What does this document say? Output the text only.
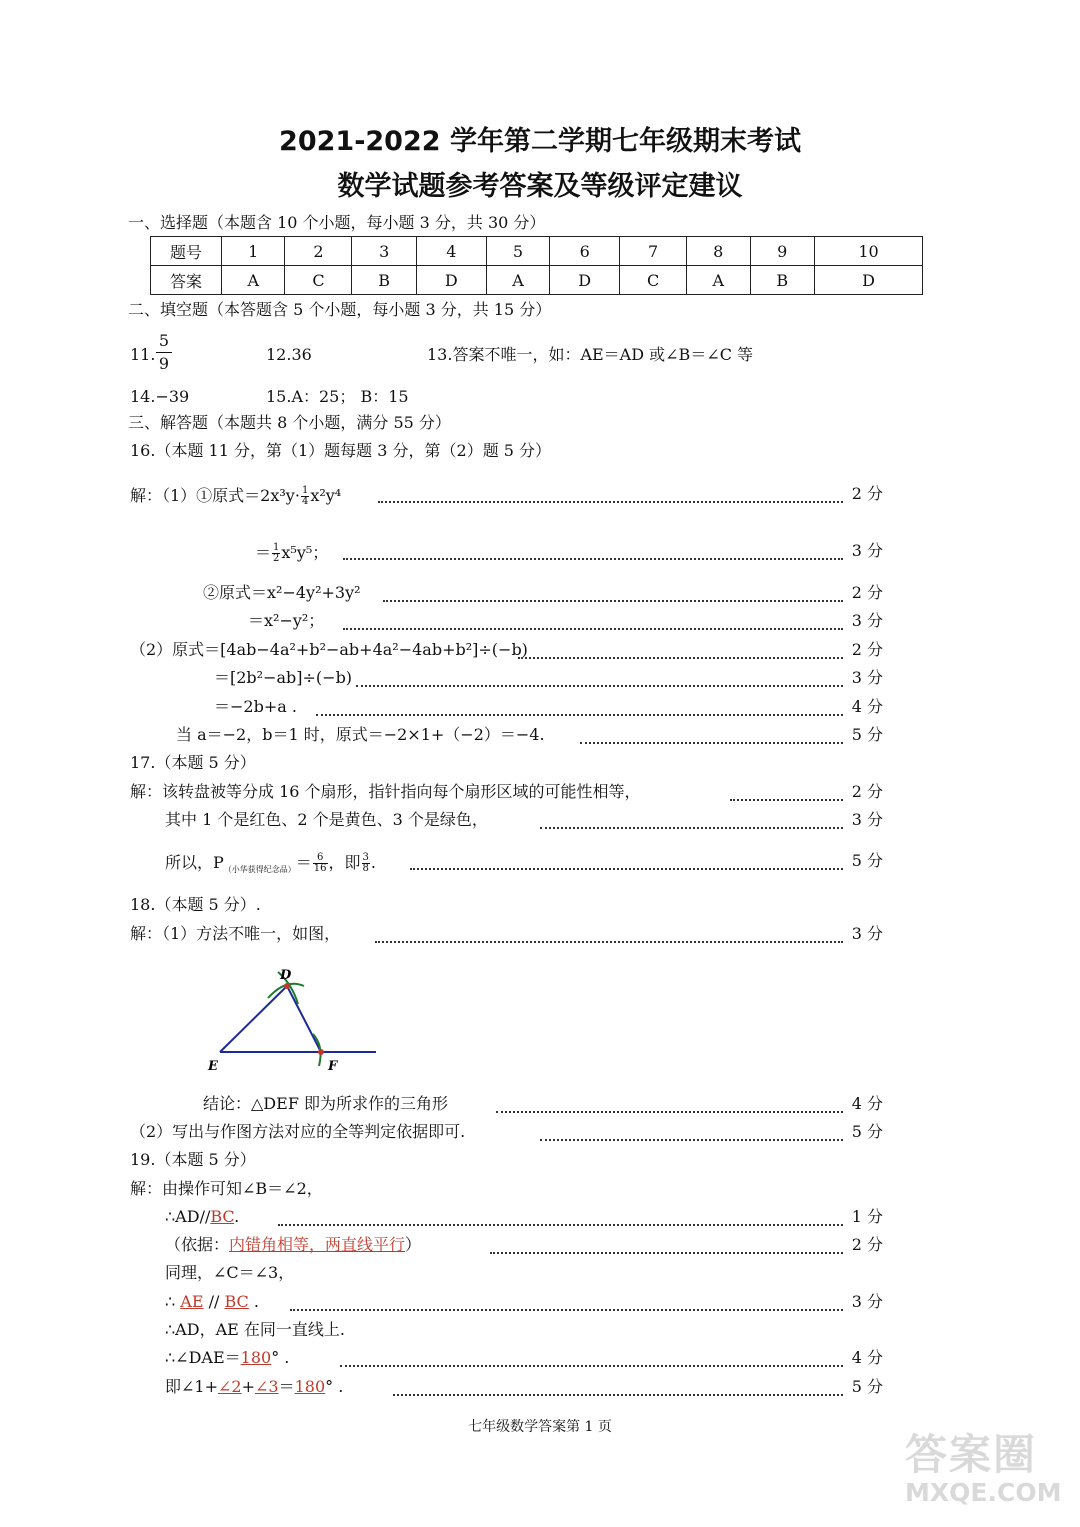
2021-2022 学年第二学期七年级期末考试
数学试题参考答案及等级评定建议
一、选择题（本题含 10 个小题，每小题 3 分，共 30 分）
题号	1	2	3	4	5	6	7	8	9	10
答案	A	C	B	D	A	D	C	A	B	D
二、填空题（本答题含 5 个小题，每小题 3 分，共 15 分）
11. $\frac{5}{9}$	12.36	13.答案不唯一，如：AE＝AD 或∠B＝∠C 等
14.−39	15.A：25； B：15
三、解答题（本题共 8 个小题，满分 55 分）
16.（本题 11 分，第（1）题每题 3 分，第（2）题 5 分）
解：（1）①原式$=2x^3y\cdot \frac{1}{4} x^2y^4$	2 分
＝ $\frac{1}{2} x^5y^5$；	3 分
②原式＝x²−4y²+3y²	2 分
＝x²−y²；	3 分
（2）原式＝[4ab−4a²+b²−ab+4a²−4ab+b²]÷(−b)	2 分
＝[2b²−ab]÷(−b)	3 分
＝−2b+a .	4 分
当 a＝−2，b＝1 时，原式＝−2×1+（−2）＝−4.	5 分
17.（本题 5 分）
解：该转盘被等分成 16 个扇形，指针指向每个扇形区域的可能性相等，	2 分
其中 1 个是红色、2 个是黄色、3 个是绿色，	3 分
所以，$P_{(小华获得纪念品)}= \frac{6}{16}$ ，即 $\frac{3}{8}$ .	5 分
18.（本题 5 分）.
解：（1）方法不唯一，如图，	3 分
D
E	F
结论：△DEF 即为所求作的三角形	4 分
（2）写出与作图方法对应的全等判定依据即可.	5 分
19.（本题 5 分）
解：由操作可知∠B＝∠2，
∴AD//BC.	1 分
（依据：内错角相等，两直线平行）	2 分
同理，∠C＝∠3，
∴ AE // BC .	3 分
∴AD，AE 在同一直线上.
∴∠DAE＝180° .	4 分
即∠1+∠2+∠3＝180° .	5 分
七年级数学答案第 1 页
答案圈
MXQE.COM
